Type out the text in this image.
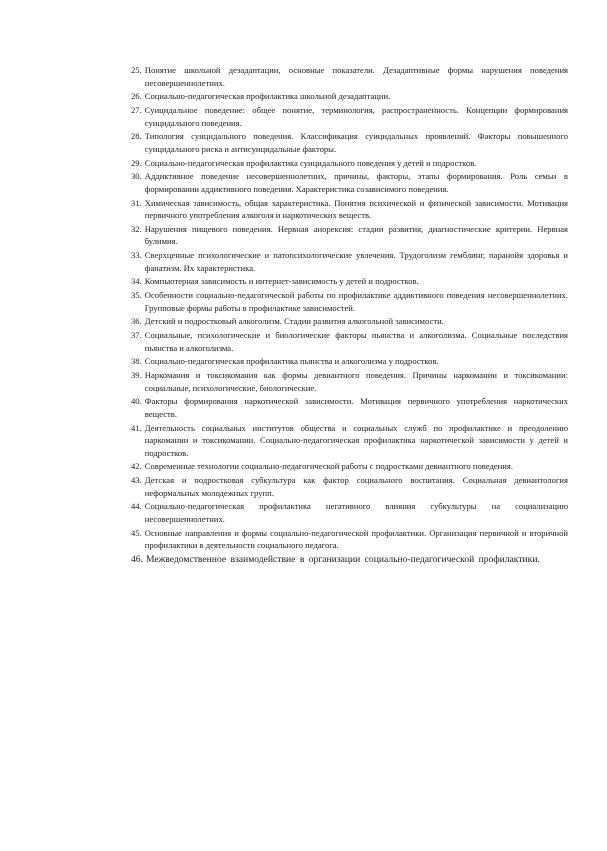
25. Понятие школьной дезадаптации, основные показатели. Дезадаптивные формы нарушения поведения несовершеннолетних.
26. Социально-педагогическая профилактика школьной дезадаптации.
27. Суицидальное поведение: общее понятие, терминология, распространенность. Концепции формирования суицидального поведения.
28. Типология суицидального поведения. Классификация суицидальных проявлений. Факторы повышенного суицидального риска и антисуицидальные факторы.
29. Социально-педагогическая профилактика суицидального поведения у детей и подростков.
30. Аддиктивное поведение несовершеннолетних, причины, факторы, этапы формирования. Роль семьи в формировании аддиктивного поведения. Характеристика созависимого поведения.
31. Химическая зависимость, общая характеристика. Понятия психической и физической зависимости. Мотивация первичного употребления алкоголя и наркотических веществ.
32. Нарушения пищевого поведения. Нервная анорексия: стадии развития, диагностические критерии. Нервная булимия.
33. Сверхценные психологические и патопсихологические увлечения. Трудоголизм гемблинг, паранойя здоровья и фанатизм. Их характеристика.
34. Компьютерная зависимость и интернет-зависимость у детей и подростков.
35. Особенности социально-педагогической работы по профилактике аддиктивного поведения несовершеннолетних. Групповые формы работы в профилактике зависимостей.
36. Детский и подростковый алкоголизм. Стадии развития алкогольной зависимости.
37. Социальные, психологические и биологические факторы пьянства и алкоголизма. Социальные последствия пьянства и алкоголизма.
38. Социально-педагогическая профилактика пьянства и алкоголизма у подростков.
39. Наркомания и токсикомания как формы девиантного поведения. Причины наркомании и токсикомании: социальные, психологические, биологические.
40. Факторы формирования наркотической зависимости. Мотивация первичного употребления наркотических веществ.
41. Деятельность социальных институтов общества и социальных служб по профилактике и преодолению наркомании и токсикомании. Социально-педагогическая профилактика наркотической зависимости у детей и подростков.
42. Современные технологии социально-педагогической работы с подростками девиантного поведения.
43. Детская и подростковая субкультура как фактор социального воспитания. Социальная девиантология неформальных молодежных групп.
44. Социально-педагогическая профилактика негативного влияния субкультуры на социализацию несовершеннолетних.
45. Основные направления и формы социально-педагогической профилактики. Организация первичной и вторичной профилактики в деятельности социального педагога.
46. Межведомственное взаимодействие в организации социально-педагогической профилактики.
